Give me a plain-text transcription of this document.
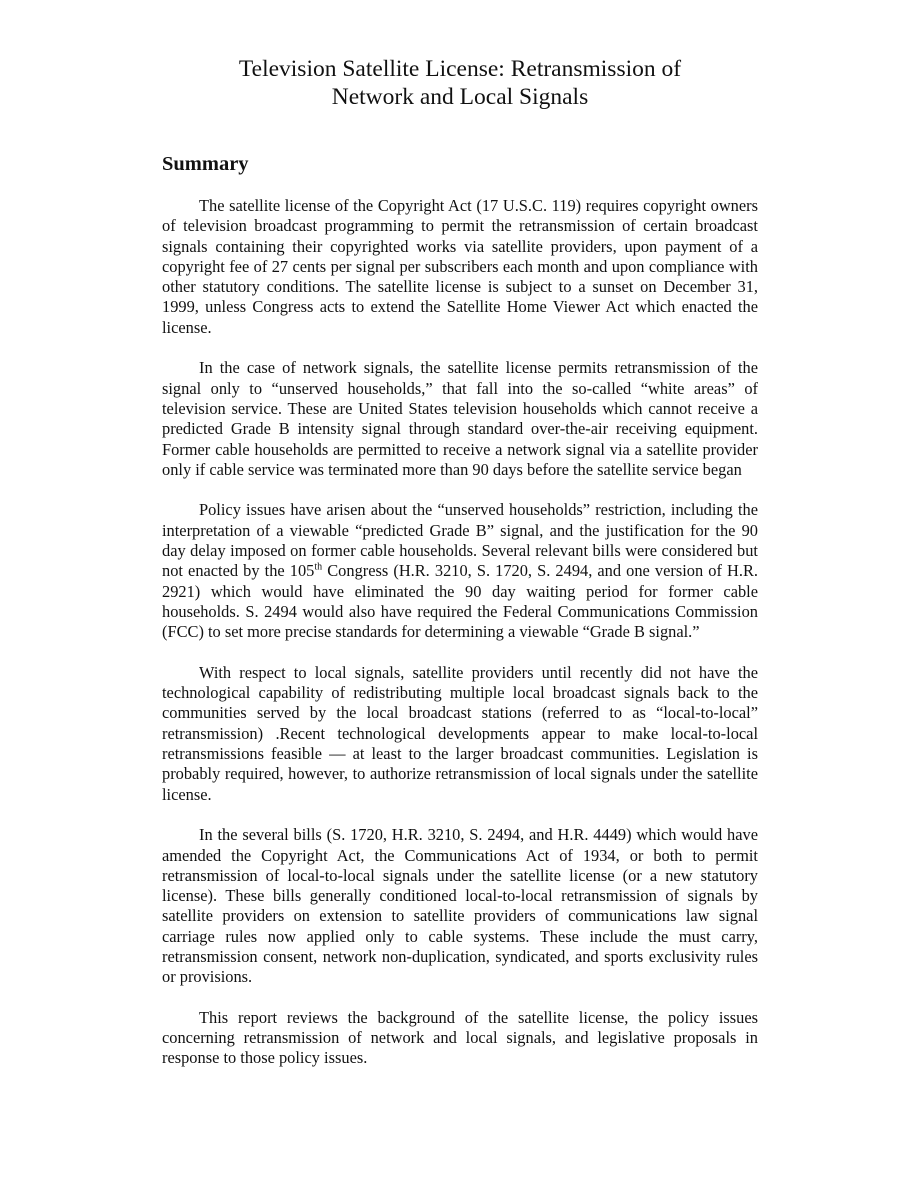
Television Satellite License: Retransmission of
Network and Local Signals
Summary

The satellite license of the Copyright Act (17 U.S.C. 119) requires copyright owners of television broadcast programming to permit the retransmission of certain broadcast signals containing their copyrighted works via satellite providers, upon payment of a copyright fee of 27 cents per signal per subscribers each month and upon compliance with other statutory conditions. The satellite license is subject to a sunset on December 31, 1999, unless Congress acts to extend the Satellite Home Viewer Act which enacted the license.

In the case of network signals, the satellite license permits retransmission of the signal only to “unserved households,” that fall into the so-called “white areas” of television service. These are United States television households which cannot receive a predicted Grade B intensity signal through standard over-the-air receiving equipment. Former cable households are permitted to receive a network signal via a satellite provider only if cable service was terminated more than 90 days before the satellite service began

Policy issues have arisen about the “unserved households” restriction, including the interpretation of a viewable “predicted Grade B” signal, and the justification for the 90 day delay imposed on former cable households. Several relevant bills were considered but not enacted by the 105th Congress (H.R. 3210, S. 1720, S. 2494, and one version of H.R. 2921) which would have eliminated the 90 day waiting period for former cable households. S. 2494 would also have required the Federal Communications Commission (FCC) to set more precise standards for determining a viewable “Grade B signal.”

With respect to local signals, satellite providers until recently did not have the technological capability of redistributing multiple local broadcast signals back to the communities served by the local broadcast stations (referred to as “local-to-local” retransmission) .Recent technological developments appear to make local-to-local retransmissions feasible — at least to the larger broadcast communities. Legislation is probably required, however, to authorize retransmission of local signals under the satellite license.

In the several bills (S. 1720, H.R. 3210, S. 2494, and H.R. 4449) which would have amended the Copyright Act, the Communications Act of 1934, or both to permit retransmission of local-to-local signals under the satellite license (or a new statutory license). These bills generally conditioned local-to-local retransmission of signals by satellite providers on extension to satellite providers of communications law signal carriage rules now applied only to cable systems. These include the must carry, retransmission consent, network non-duplication, syndicated, and sports exclusivity rules or provisions.

This report reviews the background of the satellite license, the policy issues concerning retransmission of network and local signals, and legislative proposals in response to those policy issues.
